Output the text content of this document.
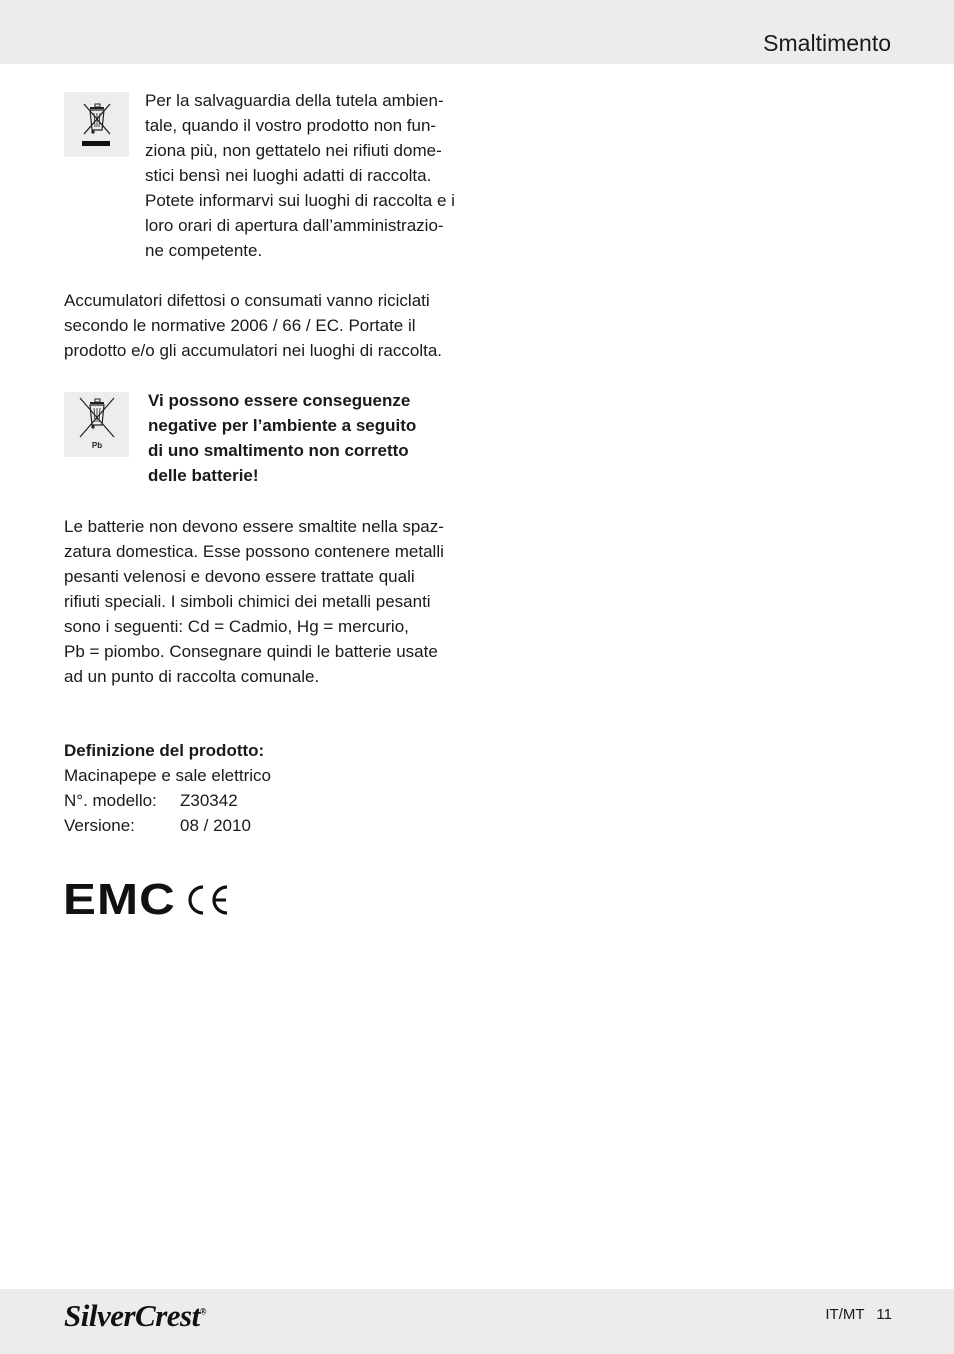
Smaltimento

Per la salvaguardia della tutela ambien-
tale, quando il vostro prodotto non fun-
ziona più, non gettatelo nei rifiuti dome-
stici bensì nei luoghi adatti di raccolta.
Potete informarvi sui luoghi di raccolta e i
loro orari di apertura dall’amministrazio-
ne competente.

Accumulatori difettosi o consumati vanno riciclati
secondo le normative 2006 / 66 / EC. Portate il
prodotto e/o gli accumulatori nei luoghi di raccolta.

Pb

Vi possono essere conseguenze
negative per l’ambiente a seguito
di uno smaltimento non corretto
delle batterie!

Le batterie non devono essere smaltite nella spaz-
zatura domestica. Esse possono contenere metalli
pesanti velenosi e devono essere trattate quali
rifiuti speciali. I simboli chimici dei metalli pesanti
sono i seguenti: Cd = Cadmio, Hg = mercurio,
Pb = piombo. Consegnare quindi le batterie usate
ad un punto di raccolta comunale.

Definizione del prodotto:
Macinapepe e sale elettrico
N°. modello: Z30342
Versione:	08 / 2010
EMC
SilverCrest®	IT/MT 11
